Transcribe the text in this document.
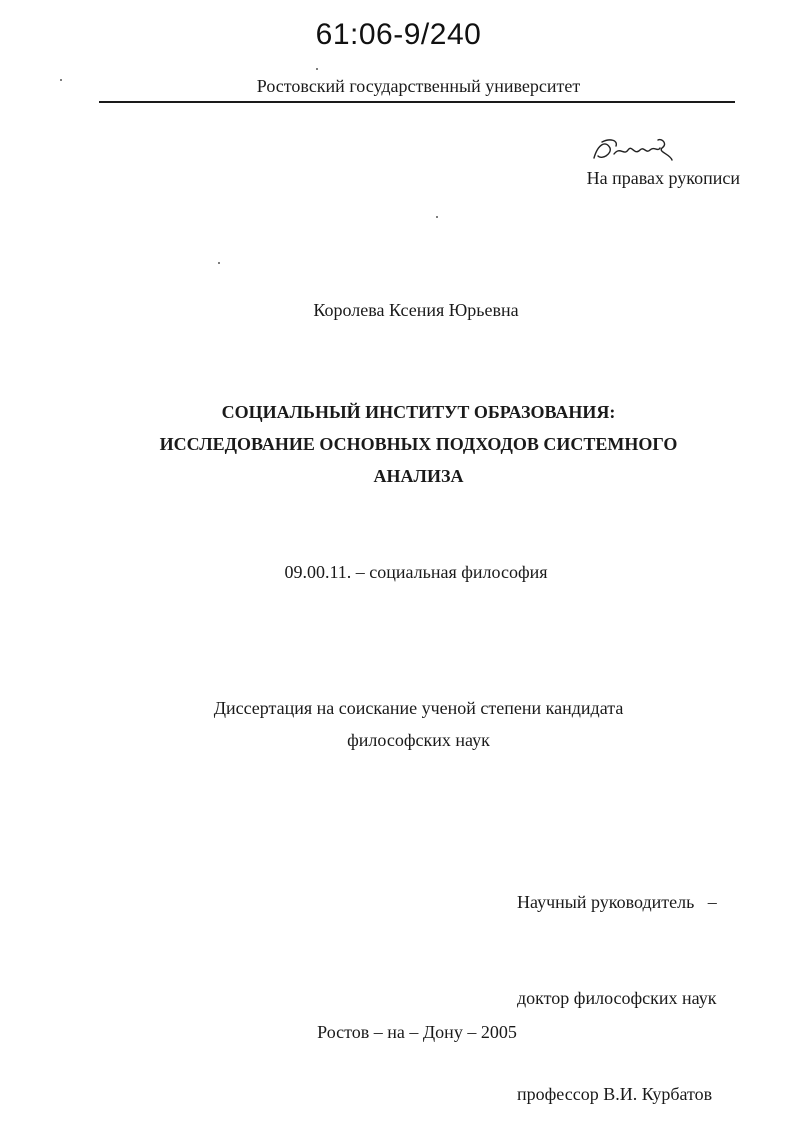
61:06-9/240
Ростовский государственный университет
На правах рукописи
Королева Ксения Юрьевна
СОЦИАЛЬНЫЙ ИНСТИТУТ ОБРАЗОВАНИЯ:
ИССЛЕДОВАНИЕ ОСНОВНЫХ ПОДХОДОВ СИСТЕМНОГО
АНАЛИЗА
09.00.11. – социальная философия
Диссертация на соискание ученой степени кандидата
философских наук

Научный руководитель   –

доктор философских наук

профессор В.И. Курбатов

Ростов – на – Дону – 2005
